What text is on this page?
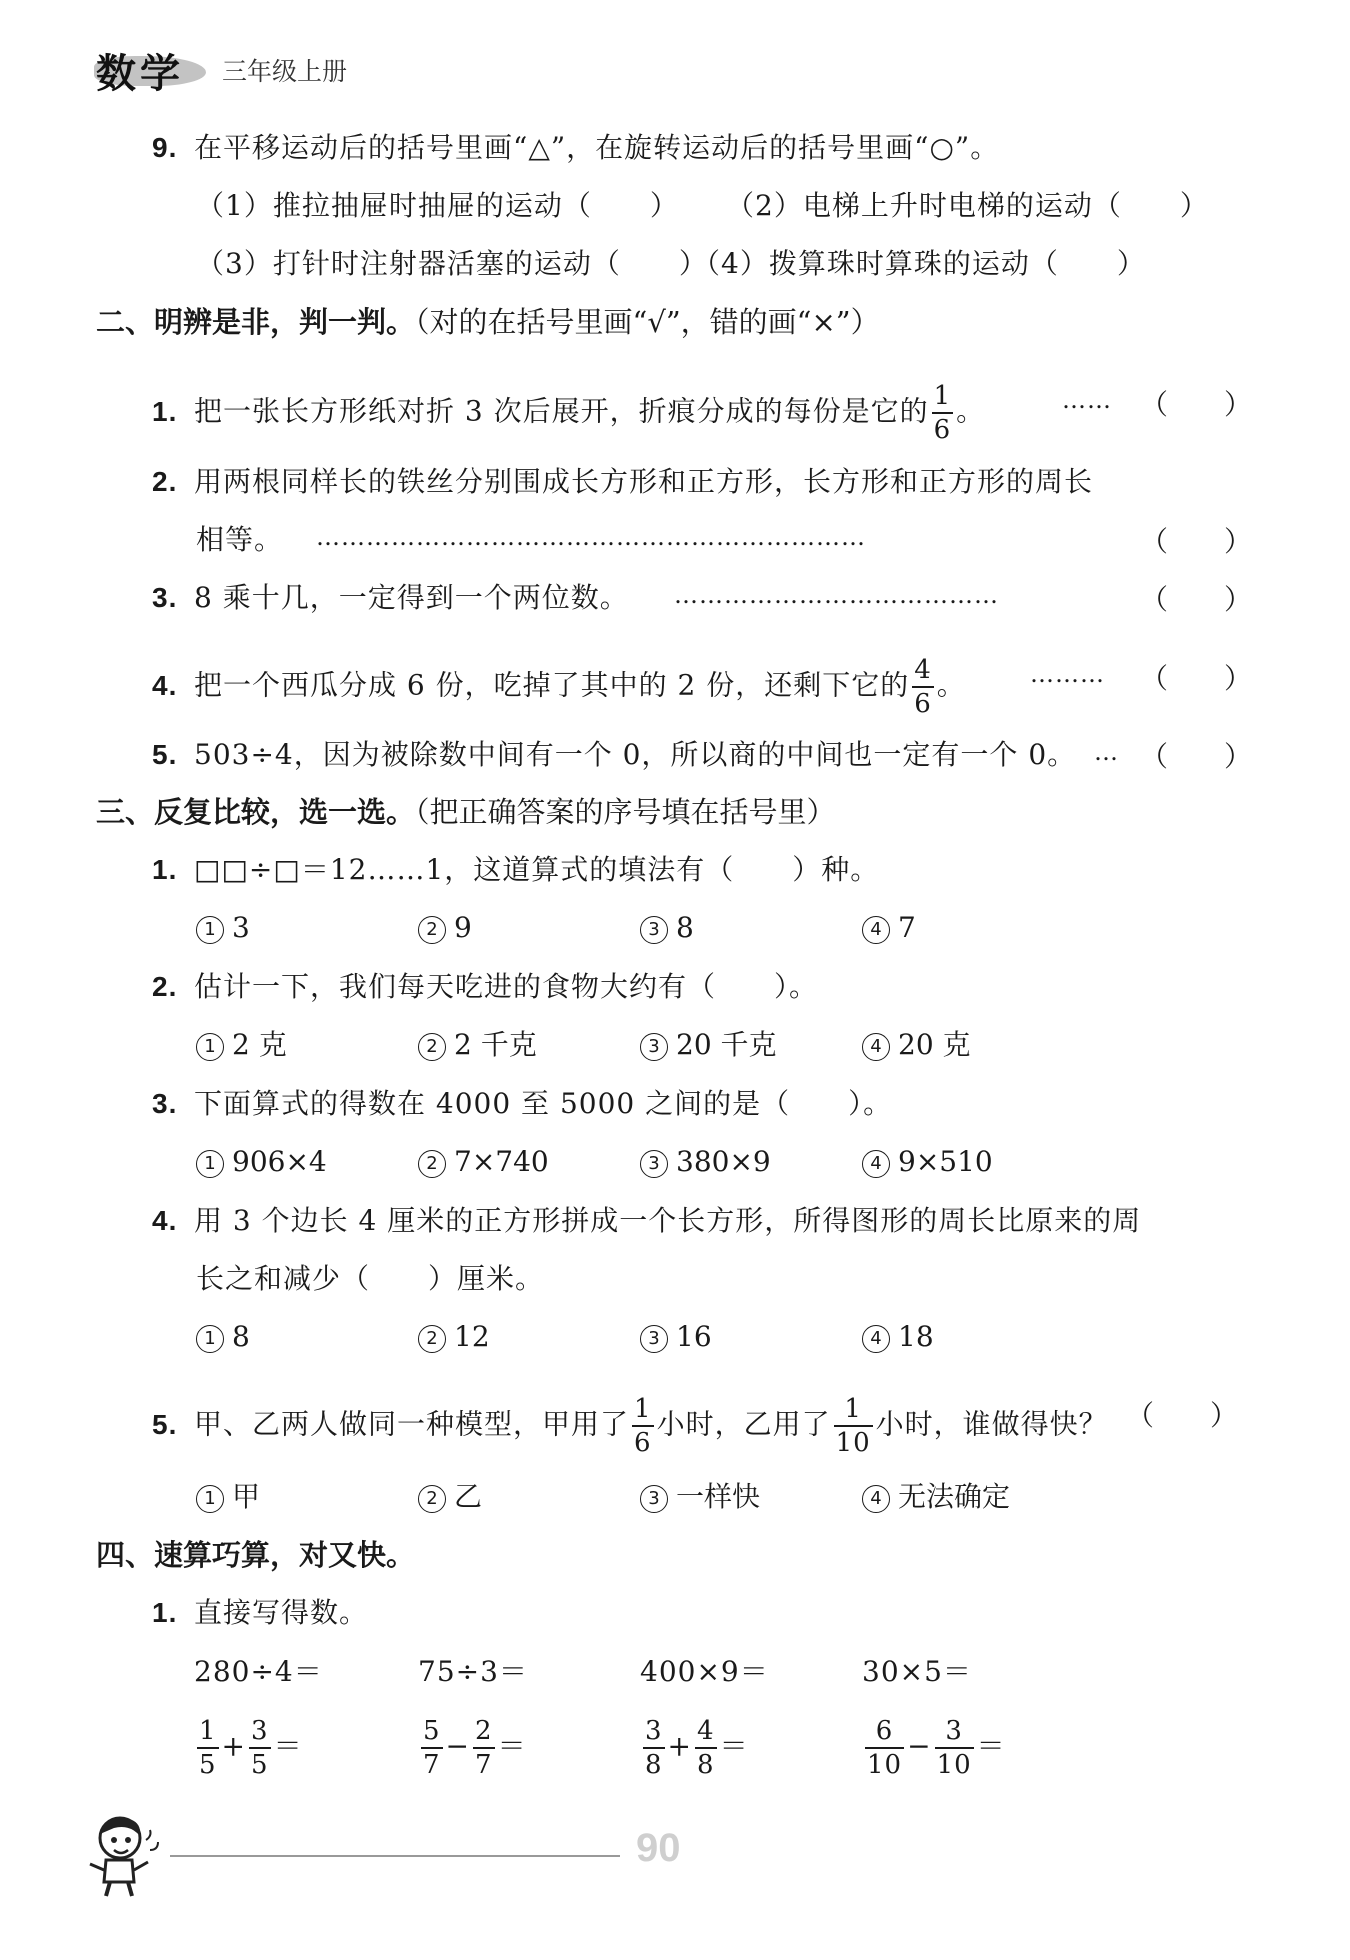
数学 三年级上册
9. 在平移运动后的括号里画“△”，在旋转运动后的括号里画“○”。
（1）推拉抽屉时抽屉的运动（　　） （2）电梯上升时电梯的运动（　　）
（3）打针时注射器活塞的运动（　　）
（4）拨算珠时算珠的运动（　　）
二、明辨是非，判一判。（对的在括号里画“√”，错的画“×”）
1. 把一张长方形纸对折 3 次后展开，折痕分成的每份是它的 $\frac{1}{6}$ 。	…… （　　）
2. 用两根同样长的铁丝分别围成长方形和正方形，长方形和正方形的周长
相等。 …………………………………………………………	（　　）
3. 8 乘十几，一定得到一个两位数。 …………………………………	（　　）
4. 把一个西瓜分成 6 份，吃掉了其中的 2 份，还剩下它的 $\frac{4}{6}$ 。	……… （　　）
5. 503÷4，因为被除数中间有一个 0，所以商的中间也一定有一个 0。 … （　　）
三、反复比较，选一选。（把正确答案的序号填在括号里）
1. □□÷□＝12……1，这道算式的填法有（　　）种。
1 3	2 9	3 8	4 7
2. 估计一下，我们每天吃进的食物大约有（　　）。
1 2 克	2 2 千克	3 20 千克	4 20 克
3. 下面算式的得数在 4000 至 5000 之间的是（　　）。
1 906×4	2 7×740	3 380×9	4 9×510
4. 用 3 个边长 4 厘米的正方形拼成一个长方形，所得图形的周长比原来的周
长之和减少（　　）厘米。
1 8	2 12	3 16	4 18
5. 甲、乙两人做同一种模型，甲用了 $\frac{1}{6}$ 小时，乙用了 $\frac{1}{10}$ 小时，谁做得快？ （　　）
1 甲	2 乙	3 一样快	4 无法确定
四、速算巧算，对又快。
1. 直接写得数。
280÷4＝	75÷3＝	400×9＝	30×5＝
$\frac{1}{5} + \frac{3}{5}$ ＝	$\frac{5}{7} - \frac{2}{7}$ ＝	$\frac{3}{8} + \frac{4}{8}$ ＝	$\frac{6}{10} - \frac{3}{10}$ ＝
90
